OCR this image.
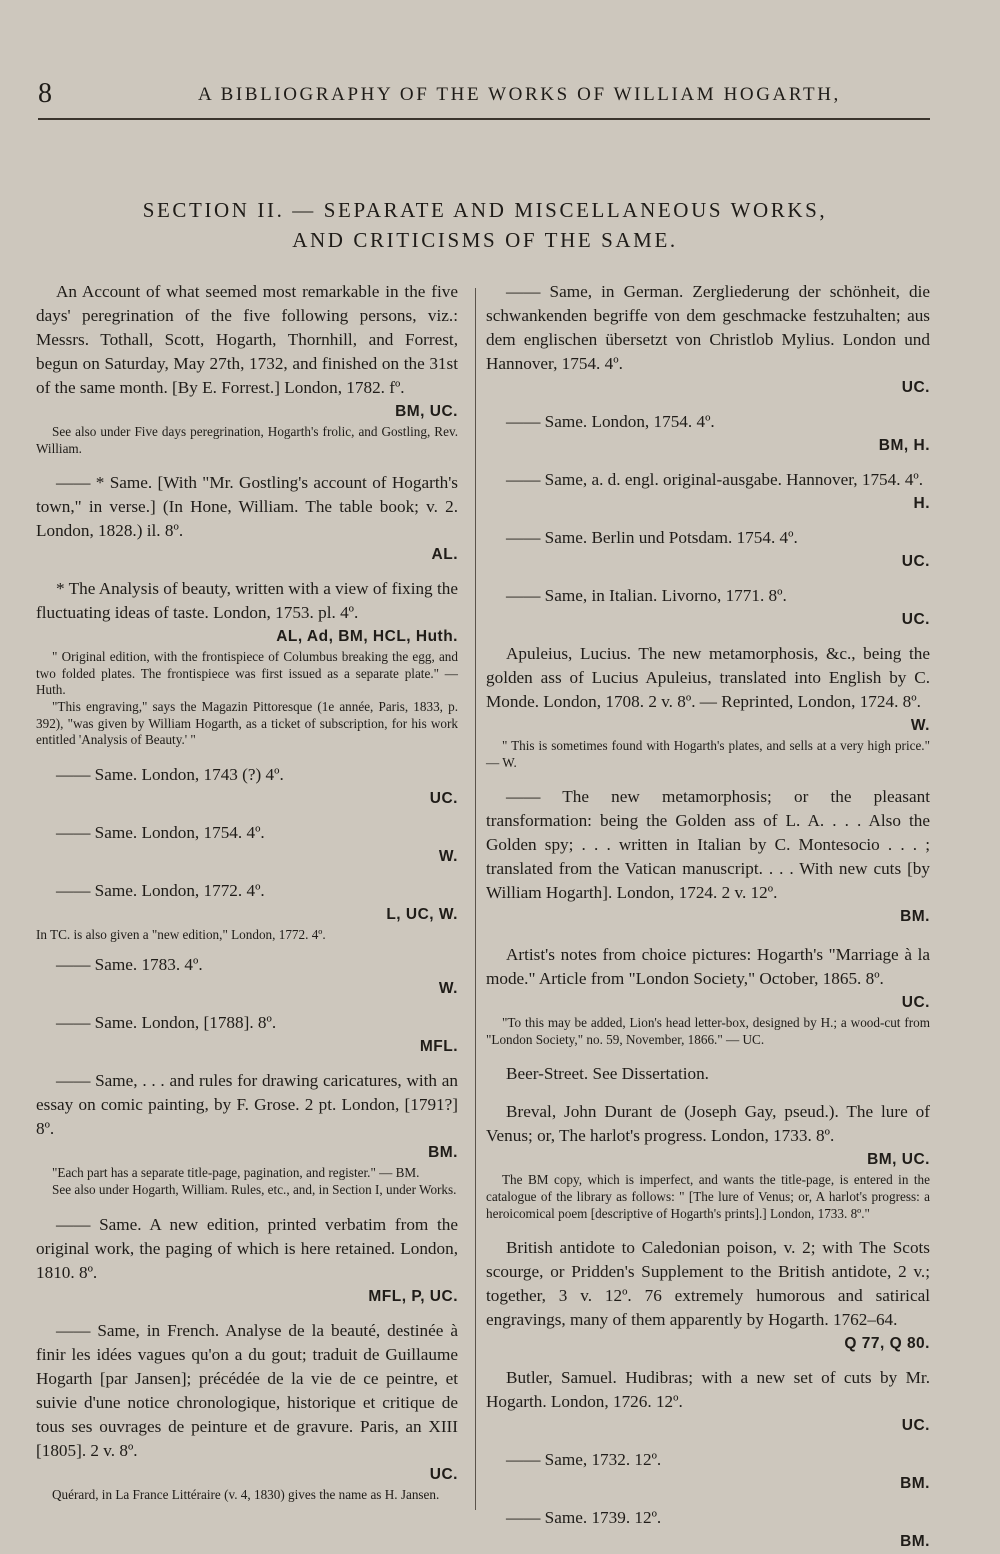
8	A BIBLIOGRAPHY OF THE WORKS OF WILLIAM HOGARTH,
SECTION II. — SEPARATE AND MISCELLANEOUS WORKS,
AND CRITICISMS OF THE SAME.
An Account of what seemed most remarkable in the five days' peregrination of the five following persons, viz.: Messrs. Tothall, Scott, Hogarth, Thornhill, and Forrest, begun on Saturday, May 27th, 1732, and finished on the 31st of the same month. [By E. Forrest.] London, 1782. fº.
BM, UC.
See also under Five days peregrination, Hogarth's frolic, and Gostling, Rev. William.
—— * Same. [With "Mr. Gostling's account of Hogarth's town," in verse.] (In Hone, William. The table book; v. 2. London, 1828.) il. 8º.
AL.
* The Analysis of beauty, written with a view of fixing the fluctuating ideas of taste. London, 1753. pl. 4º.
AL, Ad, BM, HCL, Huth.
" Original edition, with the frontispiece of Columbus breaking the egg, and two folded plates. The frontispiece was first issued as a separate plate." — Huth.
"This engraving," says the Magazin Pittoresque (1e année, Paris, 1833, p. 392), "was given by William Hogarth, as a ticket of subscription, for his work entitled 'Analysis of Beauty.' "
—— Same. London, 1743 (?) 4º.
UC.
—— Same. London, 1754. 4º.
W.
—— Same. London, 1772. 4º.
L, UC, W.
In TC. is also given a "new edition," London, 1772. 4º.
—— Same. 1783. 4º.
W.
—— Same. London, [1788]. 8º.
MFL.
—— Same, . . . and rules for drawing caricatures, with an essay on comic painting, by F. Grose. 2 pt. London, [1791?] 8º.
BM.
"Each part has a separate title-page, pagination, and register." — BM.
See also under Hogarth, William. Rules, etc., and, in Section I, under Works.
—— Same. A new edition, printed verbatim from the original work, the paging of which is here retained. London, 1810. 8º.
MFL, P, UC.
—— Same, in French. Analyse de la beauté, destinée à finir les idées vagues qu'on a du gout; traduit de Guillaume Hogarth [par Jansen]; précédée de la vie de ce peintre, et suivie d'une notice chronologique, historique et critique de tous ses ouvrages de peinture et de gravure. Paris, an XIII [1805]. 2 v. 8º.
UC.
Quérard, in La France Littéraire (v. 4, 1830) gives the name as H. Jansen.
—— Same, in German. Zergliederung der schönheit, die schwankenden begriffe von dem geschmacke festzuhalten; aus dem englischen übersetzt von Christlob Mylius. London und Hannover, 1754. 4º.
UC.
—— Same. London, 1754. 4º.
BM, H.
—— Same, a. d. engl. original-ausgabe. Hannover, 1754. 4º.
H.
—— Same. Berlin und Potsdam. 1754. 4º.
UC.
—— Same, in Italian. Livorno, 1771. 8º.
UC.
Apuleius, Lucius. The new metamorphosis, &c., being the golden ass of Lucius Apuleius, translated into English by C. Monde. London, 1708. 2 v. 8º. — Reprinted, London, 1724. 8º.
W.
" This is sometimes found with Hogarth's plates, and sells at a very high price." — W.
—— The new metamorphosis; or the pleasant transformation: being the Golden ass of L. A. . . . Also the Golden spy; . . . written in Italian by C. Montesocio . . . ; translated from the Vatican manuscript. . . . With new cuts [by William Hogarth]. London, 1724. 2 v. 12º.
BM.
Artist's notes from choice pictures: Hogarth's "Marriage à la mode." Article from "London Society," October, 1865. 8º.
UC.
"To this may be added, Lion's head letter-box, designed by H.; a wood-cut from "London Society," no. 59, November, 1866." — UC.
Beer-Street. See Dissertation.
Breval, John Durant de (Joseph Gay, pseud.). The lure of Venus; or, The harlot's progress. London, 1733. 8º.
BM, UC.
The BM copy, which is imperfect, and wants the title-page, is entered in the catalogue of the library as follows: " [The lure of Venus; or, A harlot's progress: a heroicomical poem [descriptive of Hogarth's prints].] London, 1733. 8º."
British antidote to Caledonian poison, v. 2; with The Scots scourge, or Pridden's Supplement to the British antidote, 2 v.; together, 3 v. 12º. 76 extremely humorous and satirical engravings, many of them apparently by Hogarth. 1762–64.
Q 77, Q 80.
Butler, Samuel. Hudibras; with a new set of cuts by Mr. Hogarth. London, 1726. 12º.
UC.
—— Same, 1732. 12º.
BM.
—— Same. 1739. 12º.
BM.
